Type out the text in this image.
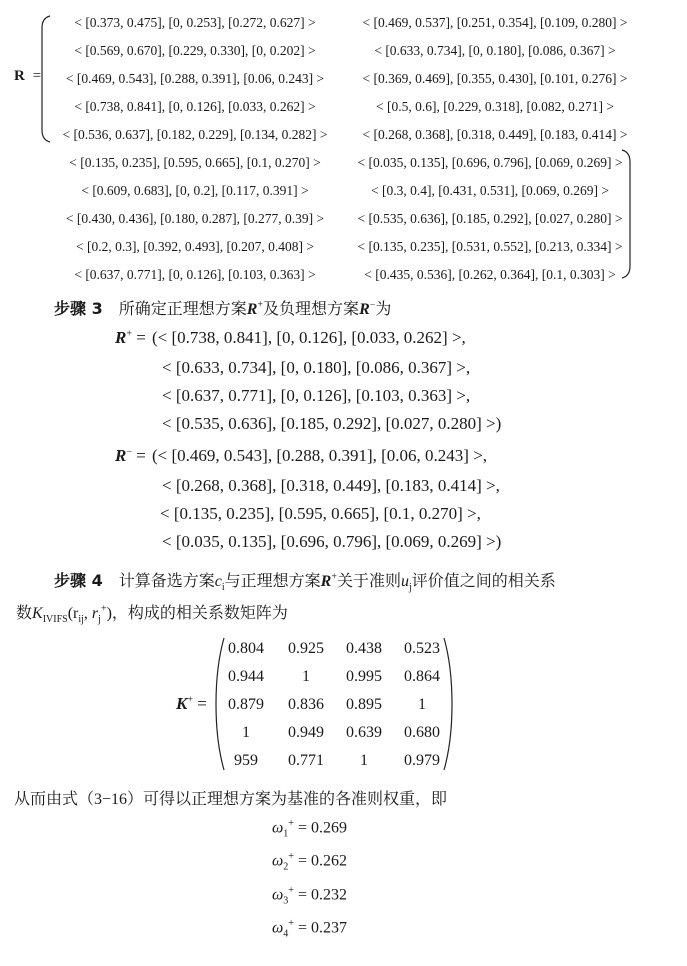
R =
< [0.373, 0.475], [0, 0.253], [0.272, 0.627] >	< [0.469, 0.537], [0.251, 0.354], [0.109, 0.280] >
< [0.569, 0.670], [0.229, 0.330], [0, 0.202] >	< [0.633, 0.734], [0, 0.180], [0.086, 0.367] >
< [0.469, 0.543], [0.288, 0.391], [0.06, 0.243] >	< [0.369, 0.469], [0.355, 0.430], [0.101, 0.276] >
< [0.738, 0.841], [0, 0.126], [0.033, 0.262] >	< [0.5, 0.6], [0.229, 0.318], [0.082, 0.271] >
< [0.536, 0.637], [0.182, 0.229], [0.134, 0.282] >	< [0.268, 0.368], [0.318, 0.449], [0.183, 0.414] >
< [0.135, 0.235], [0.595, 0.665], [0.1, 0.270] >	< [0.035, 0.135], [0.696, 0.796], [0.069, 0.269] >
< [0.609, 0.683], [0, 0.2], [0.117, 0.391] >	< [0.3, 0.4], [0.431, 0.531], [0.069, 0.269] >
< [0.430, 0.436], [0.180, 0.287], [0.277, 0.39] >	< [0.535, 0.636], [0.185, 0.292], [0.027, 0.280] >
< [0.2, 0.3], [0.392, 0.493], [0.207, 0.408] >	< [0.135, 0.235], [0.531, 0.552], [0.213, 0.334] >
< [0.637, 0.771], [0, 0.126], [0.103, 0.363] >	< [0.435, 0.536], [0.262, 0.364], [0.1, 0.303] >
步骤 3 所确定正理想方案R+及负理想方案R−为
R+ = (< [0.738, 0.841], [0, 0.126], [0.033, 0.262] >,
< [0.633, 0.734], [0, 0.180], [0.086, 0.367] >,
< [0.637, 0.771], [0, 0.126], [0.103, 0.363] >,
< [0.535, 0.636], [0.185, 0.292], [0.027, 0.280] >)
R− = (< [0.469, 0.543], [0.288, 0.391], [0.06, 0.243] >,
< [0.268, 0.368], [0.318, 0.449], [0.183, 0.414] >,
< [0.135, 0.235], [0.595, 0.665], [0.1, 0.270] >,
< [0.035, 0.135], [0.696, 0.796], [0.069, 0.269] >)
步骤 4 计算备选方案$c_i$与正理想方案R+关于准则$u_j$评价值之间的相关系
数$K_{IVIFS}(r_{ij}$, $r_j^+$)，构成的相关系数矩阵为
K+ =
0.804	0.925	0.438	0.523
0.944	1	0.995	0.864
0.879	0.836	0.895	1
1	0.949	0.639	0.680
959	0.771	1	0.979
从而由式（3−16）可得以正理想方案为基准的各准则权重，即
$\omega_1^+ = 0.269$
$\omega_2^+ = 0.262$
$\omega_3^+ = 0.232$
$\omega_4^+ = 0.237$
